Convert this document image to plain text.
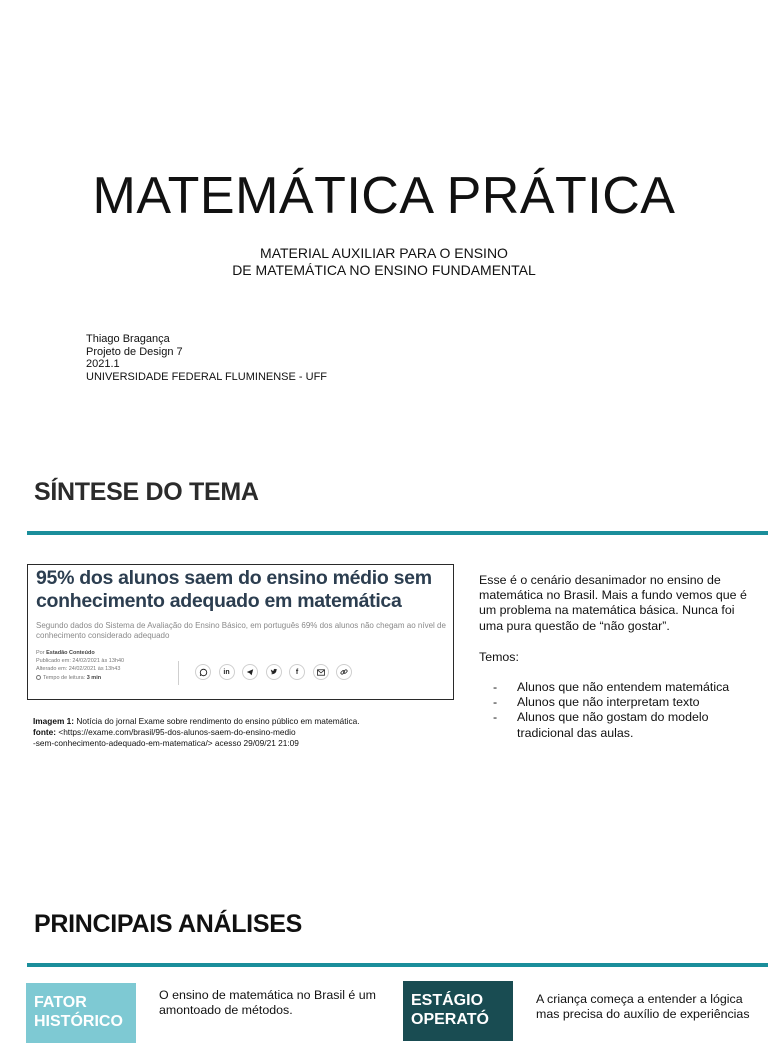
MATEMÁTICA PRÁTICA
MATERIAL AUXILIAR PARA O ENSINO
DE MATEMÁTICA NO ENSINO FUNDAMENTAL
Thiago Bragança
Projeto de Design 7
2021.1
UNIVERSIDADE FEDERAL FLUMINENSE - UFF
SÍNTESE DO TEMA
95% dos alunos saem do ensino médio sem conhecimento adequado em matemática
Segundo dados do Sistema de Avaliação do Ensino Básico, em português 69% dos alunos não chegam ao nível de conhecimento considerado adequado
Por Estadão Conteúdo
Publicado em: 24/02/2021 às 13h40
Alterado em: 24/02/2021 às 13h43
Tempo de leitura: 3 min
in	f
Imagem 1: Notícia do jornal Exame sobre rendimento do ensino público em matemática.
fonte: <https://exame.com/brasil/95-dos-alunos-saem-do-ensino-medio
-sem-conhecimento-adequado-em-matematica/> acesso 29/09/21 21:09
Esse é o cenário desanimador no ensino de matemática no Brasil. Mais a fundo vemos que é um problema na matemática básica. Nunca foi uma pura questão de “não gostar”.
Temos:
- Alunos que não entendem matemática
- Alunos que não interpretam texto
- Alunos que não gostam do modelo tradicional das aulas.
PRINCIPAIS ANÁLISES
FATOR
HISTÓRICO
O ensino de matemática no Brasil é um amontoado de métodos.
ESTÁGIO
OPERATÓ
A criança começa a entender a lógica mas precisa do auxílio de experiências
